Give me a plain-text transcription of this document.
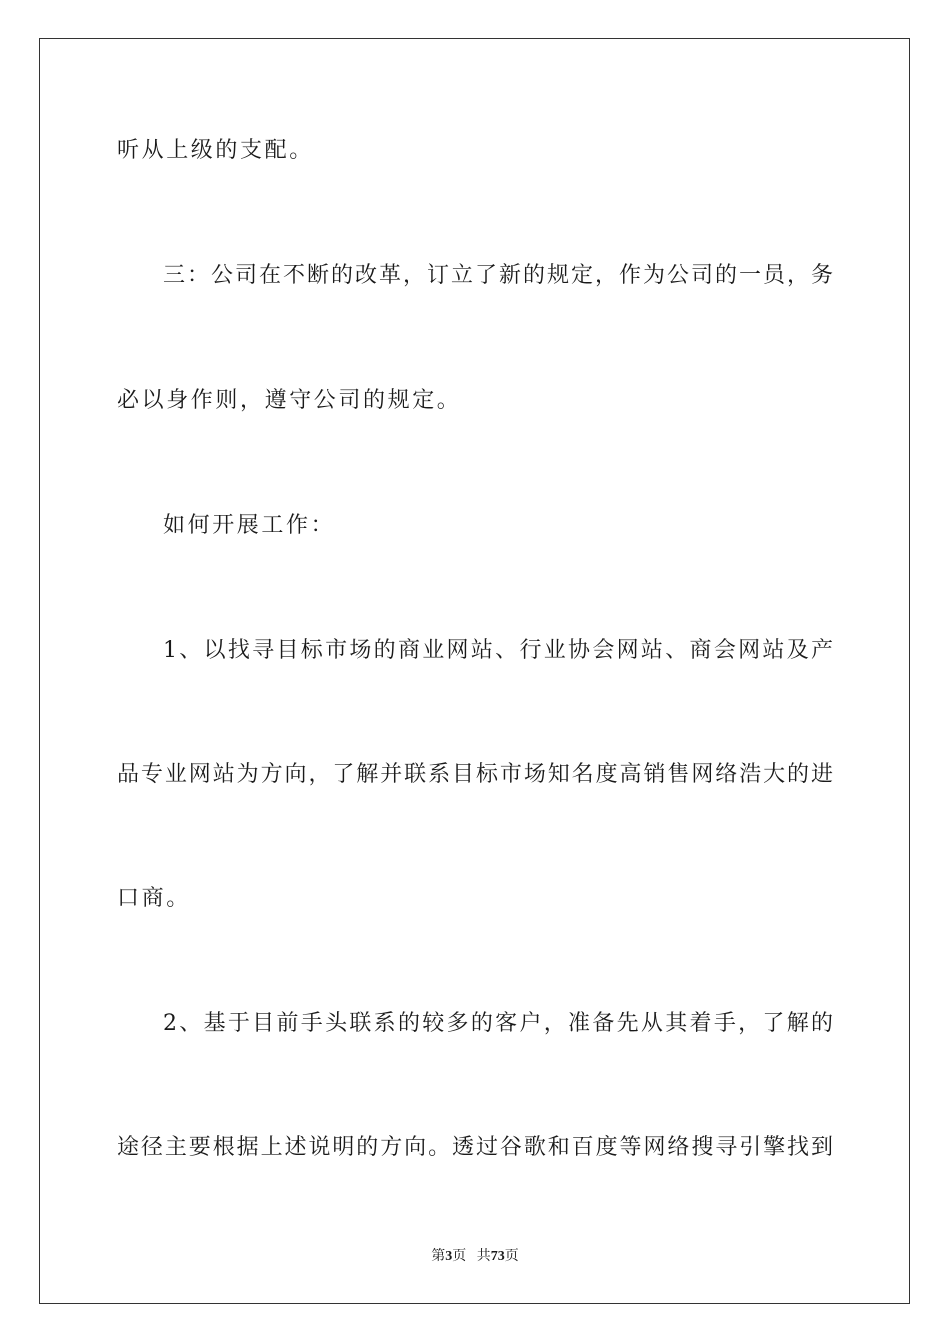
听从上级的支配。
三：公司在不断的改革，订立了新的规定，作为公司的一员，务
必以身作则，遵守公司的规定。
如何开展工作：
1、以找寻目标市场的商业网站、行业协会网站、商会网站及产
品专业网站为方向，了解并联系目标市场知名度高销售网络浩大的进
口商。
2、基于目前手头联系的较多的客户，准备先从其着手，了解的
途径主要根据上述说明的方向。透过谷歌和百度等网络搜寻引擎找到
第3页 共73页
